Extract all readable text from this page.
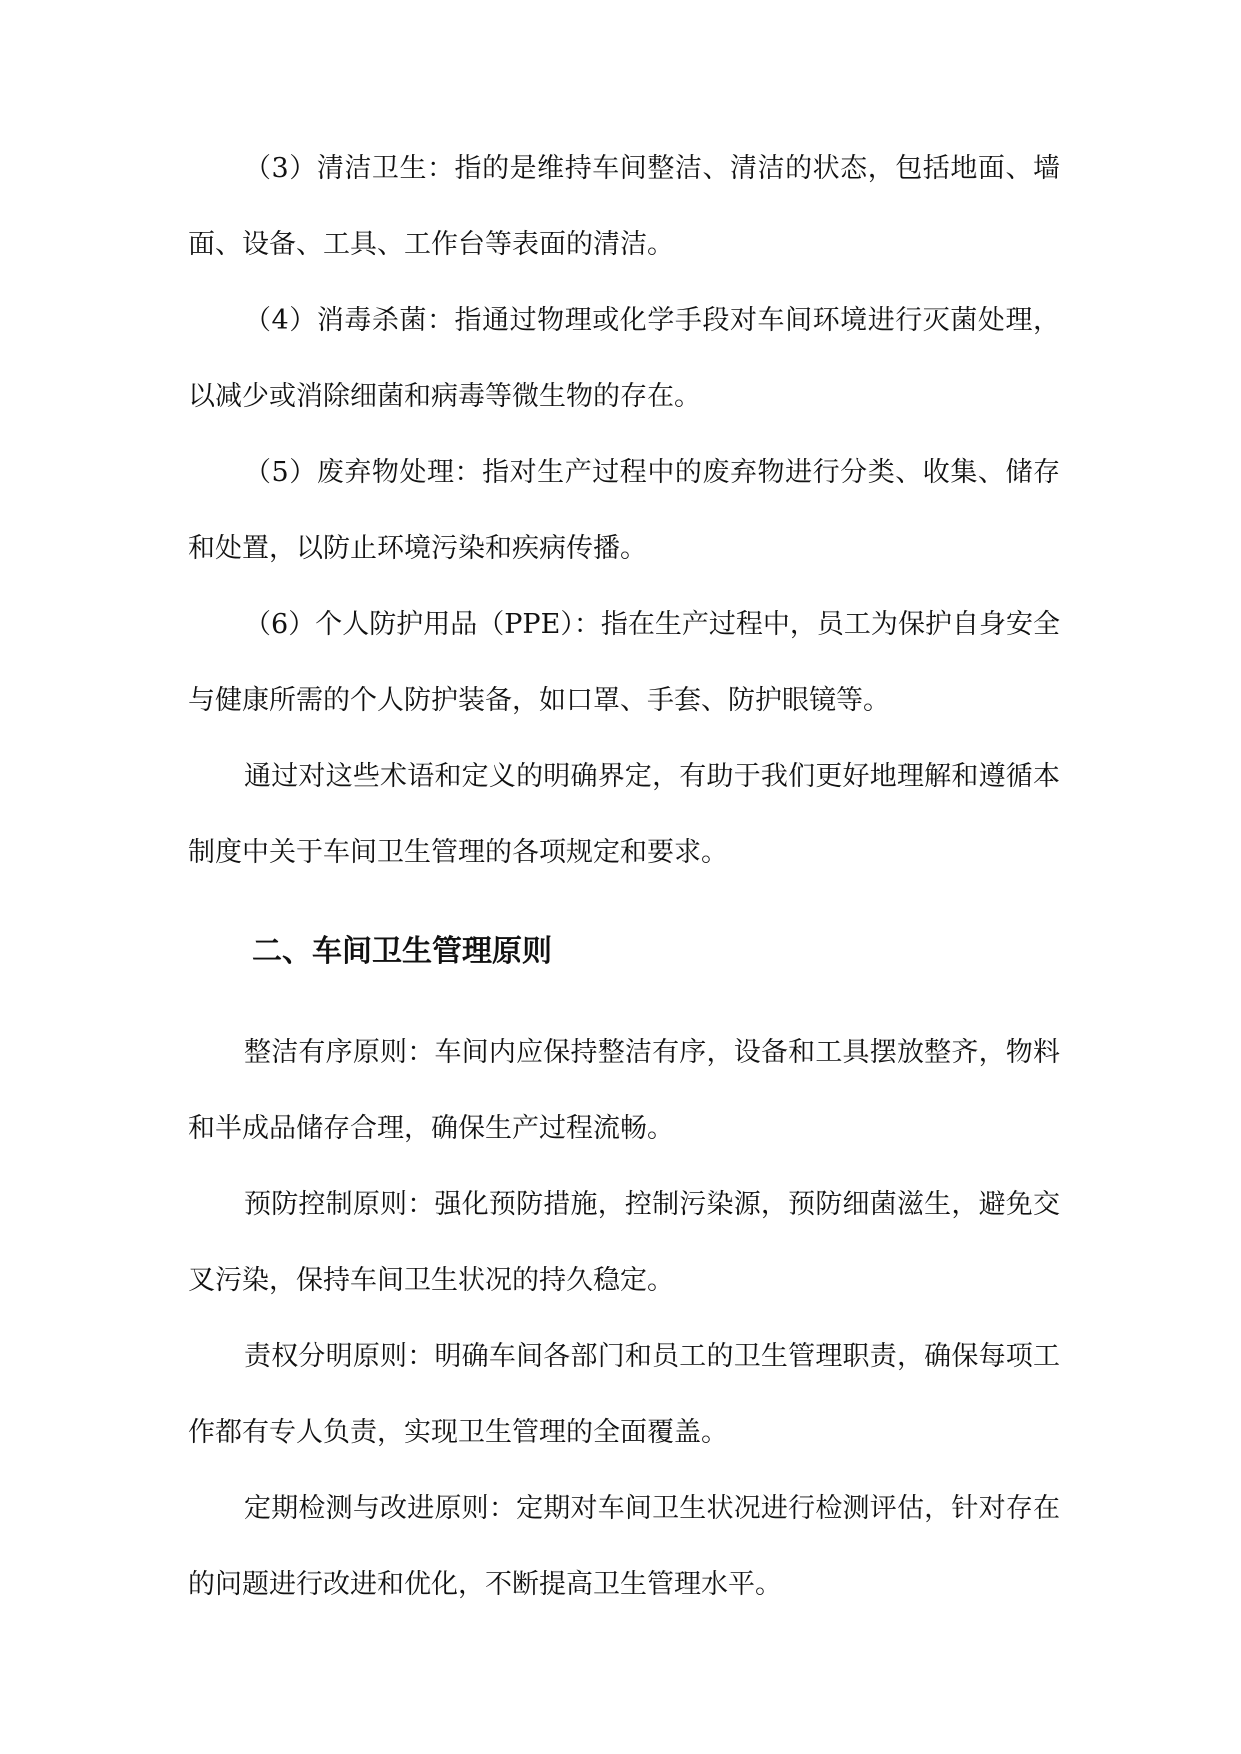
（3）清洁卫生：指的是维持车间整洁、清洁的状态，包括地面、墙面、设备、工具、工作台等表面的清洁。

（4）消毒杀菌：指通过物理或化学手段对车间环境进行灭菌处理，以减少或消除细菌和病毒等微生物的存在。

（5）废弃物处理：指对生产过程中的废弃物进行分类、收集、储存和处置，以防止环境污染和疾病传播。

（6）个人防护用品（PPE）：指在生产过程中，员工为保护自身安全与健康所需的个人防护装备，如口罩、手套、防护眼镜等。

通过对这些术语和定义的明确界定，有助于我们更好地理解和遵循本制度中关于车间卫生管理的各项规定和要求。

二、车间卫生管理原则

整洁有序原则：车间内应保持整洁有序，设备和工具摆放整齐，物料和半成品储存合理，确保生产过程流畅。

预防控制原则：强化预防措施，控制污染源，预防细菌滋生，避免交叉污染，保持车间卫生状况的持久稳定。

责权分明原则：明确车间各部门和员工的卫生管理职责，确保每项工作都有专人负责，实现卫生管理的全面覆盖。

定期检测与改进原则：定期对车间卫生状况进行检测评估，针对存在的问题进行改进和优化，不断提高卫生管理水平。
